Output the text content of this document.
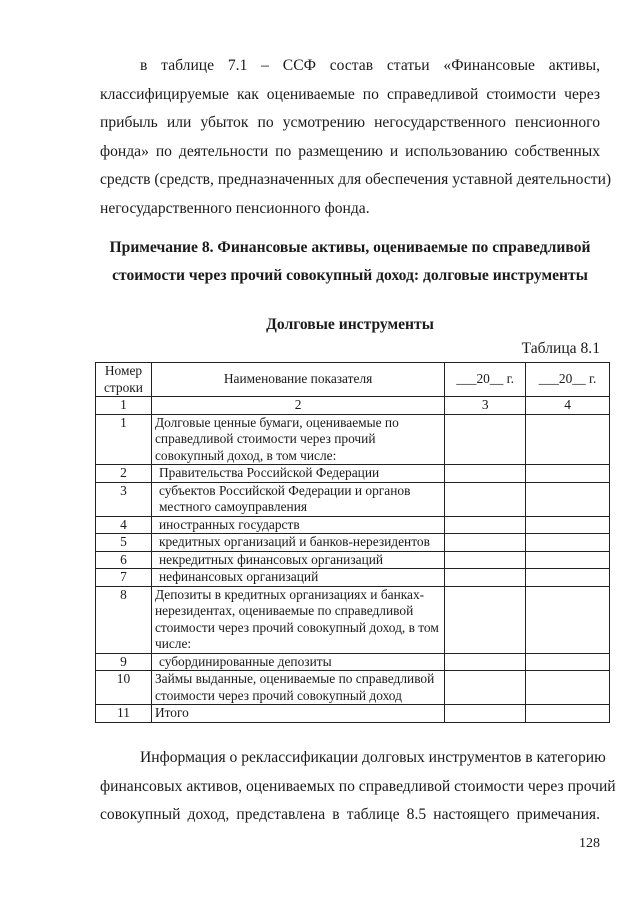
в таблице 7.1 – ССФ состав статьи «Финансовые активы,
классифицируемые как оцениваемые по справедливой стоимости через
прибыль или убыток по усмотрению негосударственного пенсионного
фонда» по деятельности по размещению и использованию собственных
средств (средств, предназначенных для обеспечения уставной деятельности)
негосударственного пенсионного фонда.
Примечание 8. Финансовые активы, оцениваемые по справедливой
стоимости через прочий совокупный доход: долговые инструменты
Долговые инструменты
Таблица 8.1
Номер строки	Наименование показателя	___20__ г.	___20__ г.
1	2	3	4
1	Долговые ценные бумаги, оцениваемые по справедливой стоимости через прочий совокупный доход, в том числе:		
2	Правительства Российской Федерации		
3	субъектов Российской Федерации и органов местного самоуправления		
4	иностранных государств		
5	кредитных организаций и банков-нерезидентов		
6	некредитных финансовых организаций		
7	нефинансовых организаций		
8	Депозиты в кредитных организациях и банках-нерезидентах, оцениваемые по справедливой стоимости через прочий совокупный доход, в том числе:		
9	субординированные депозиты		
10	Займы выданные, оцениваемые по справедливой стоимости через прочий совокупный доход		
11	Итого		
Информация о реклассификации долговых инструментов в категорию
финансовых активов, оцениваемых по справедливой стоимости через прочий
совокупный доход, представлена в таблице 8.5 настоящего примечания.
128
